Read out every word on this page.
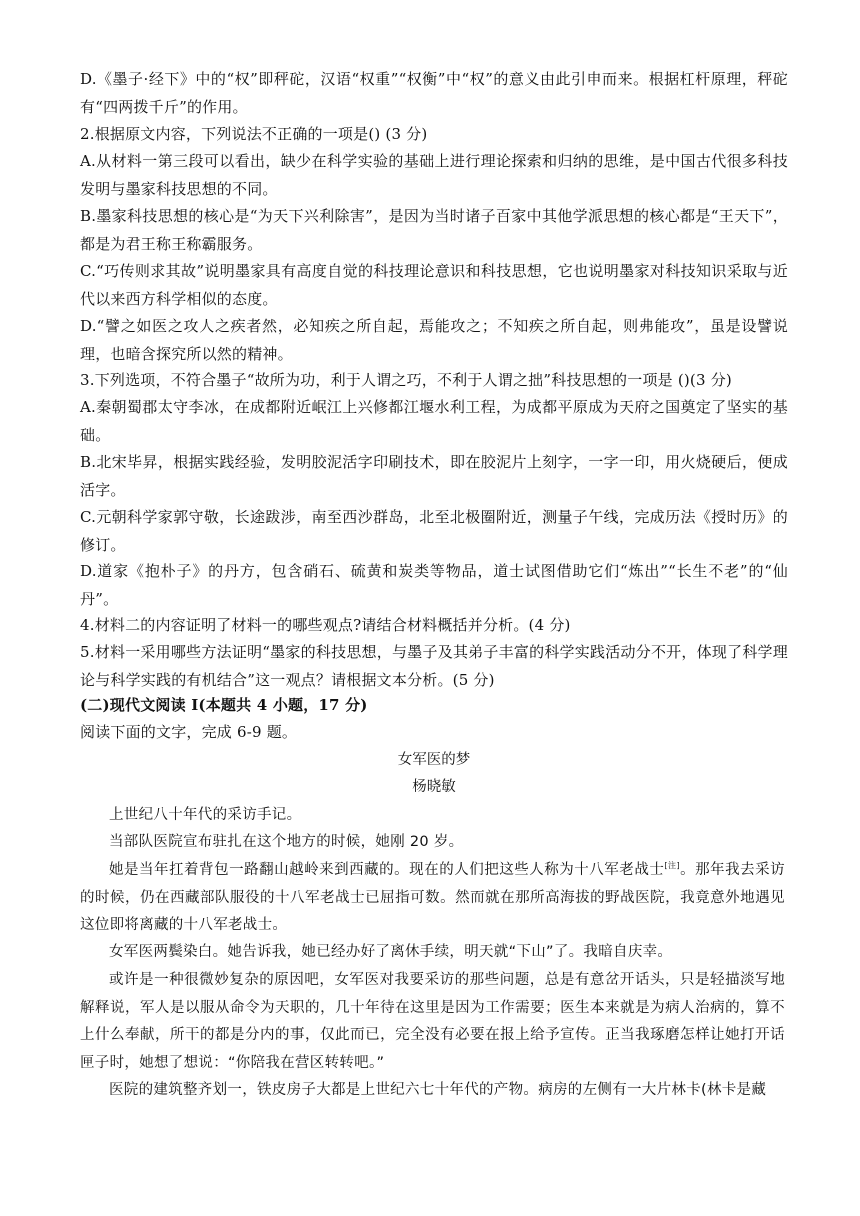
D.《墨子·经下》中的“权”即秤砣，汉语“权重”“权衡”中“权”的意义由此引申而来。根据杠杆原理，秤砣有“四两拨千斤”的作用。
2.根据原文内容，下列说法不正确的一项是() (3 分)
A.从材料一第三段可以看出，缺少在科学实验的基础上进行理论探索和归纳的思维，是中国古代很多科技发明与墨家科技思想的不同。
B.墨家科技思想的核心是“为天下兴利除害”，是因为当时诸子百家中其他学派思想的核心都是“王天下”，都是为君王称王称霸服务。
C.“巧传则求其故”说明墨家具有高度自觉的科技理论意识和科技思想，它也说明墨家对科技知识采取与近代以来西方科学相似的态度。
D.“譬之如医之攻人之疾者然，必知疾之所自起，焉能攻之；不知疾之所自起，则弗能攻”，虽是设譬说理，也暗含探究所以然的精神。
3.下列选项，不符合墨子“故所为功，利于人谓之巧，不利于人谓之拙”科技思想的一项是 ()(3 分)
A.秦朝蜀郡太守李冰，在成都附近岷江上兴修都江堰水利工程，为成都平原成为天府之国奠定了坚实的基础。
B.北宋毕昇，根据实践经验，发明胶泥活字印刷技术，即在胶泥片上刻字，一字一印，用火烧硬后，便成活字。
C.元朝科学家郭守敬，长途跋涉，南至西沙群岛，北至北极圈附近，测量子午线，完成历法《授时历》的修订。
D.道家《抱朴子》的丹方，包含硝石、硫黄和炭类等物品，道士试图借助它们“炼出”“长生不老”的“仙丹”。
4.材料二的内容证明了材料一的哪些观点?请结合材料概括并分析。(4 分)
5.材料一采用哪些方法证明“墨家的科技思想，与墨子及其弟子丰富的科学实践活动分不开，体现了科学理论与科学实践的有机结合”这一观点？请根据文本分析。(5 分)
(二)现代文阅读 I(本题共 4 小题，17 分)
阅读下面的文字，完成 6-9 题。
女军医的梦
杨晓敏
上世纪八十年代的采访手记。
当部队医院宣布驻扎在这个地方的时候，她刚 20 岁。
她是当年扛着背包一路翻山越岭来到西藏的。现在的人们把这些人称为十八军老战士[注]。那年我去采访的时候，仍在西藏部队服役的十八军老战士已屈指可数。然而就在那所高海拔的野战医院，我竟意外地遇见这位即将离藏的十八军老战士。
女军医两鬓染白。她告诉我，她已经办好了离休手续，明天就“下山”了。我暗自庆幸。
或许是一种很微妙复杂的原因吧，女军医对我要采访的那些问题，总是有意岔开话头，只是轻描淡写地解释说，军人是以服从命令为天职的，几十年待在这里是因为工作需要；医生本来就是为病人治病的，算不上什么奉献，所干的都是分内的事，仅此而已，完全没有必要在报上给予宣传。正当我琢磨怎样让她打开话匣子时，她想了想说：“你陪我在营区转转吧。”
医院的建筑整齐划一，铁皮房子大都是上世纪六七十年代的产物。病房的左侧有一大片林卡(林卡是藏
